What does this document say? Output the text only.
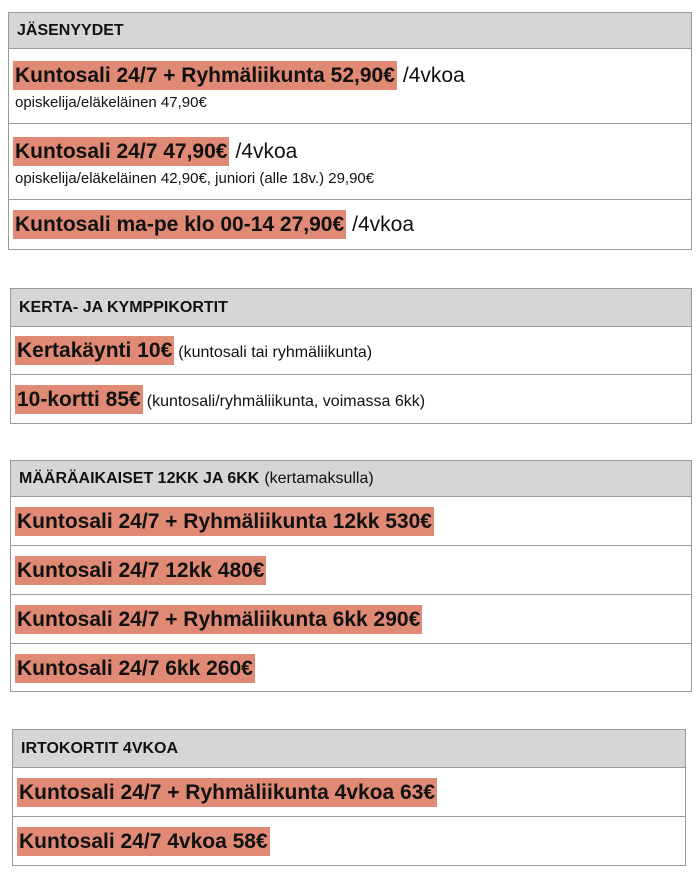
JÄSENYYDET
Kuntosali 24/7 + Ryhmäliikunta 52,90€ /4vkoa
opiskelija/eläkeläinen 47,90€
Kuntosali 24/7 47,90€ /4vkoa
opiskelija/eläkeläinen 42,90€, juniori (alle 18v.) 29,90€
Kuntosali ma-pe klo 00-14 27,90€ /4vkoa
KERTA- JA KYMPPIKORTIT
Kertakäynti 10€ (kuntosali tai ryhmäliikunta)
10-kortti 85€ (kuntosali/ryhmäliikunta, voimassa 6kk)
MÄÄRÄAIKAISET 12KK JA 6KK (kertamaksulla)
Kuntosali 24/7 + Ryhmäliikunta 12kk 530€
Kuntosali 24/7 12kk 480€
Kuntosali 24/7 + Ryhmäliikunta 6kk 290€
Kuntosali 24/7 6kk 260€
IRTOKORTIT 4VKOA
Kuntosali 24/7 + Ryhmäliikunta 4vkoa 63€
Kuntosali 24/7 4vkoa 58€
